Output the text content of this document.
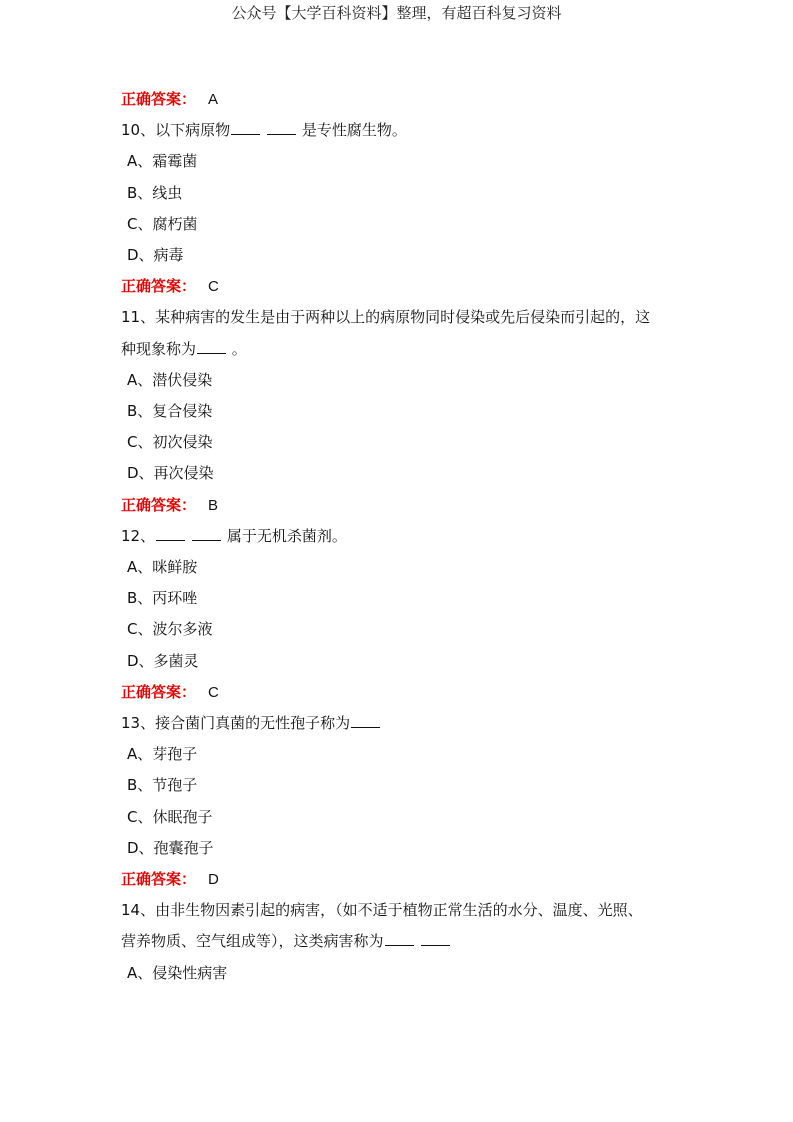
公众号【大学百科资料】整理，有超百科复习资料
正确答案： A
10、以下病原物	是专性腐生物。
A、霜霉菌
B、线虫
C、腐朽菌
D、病毒
正确答案： C
11、某种病害的发生是由于两种以上的病原物同时侵染或先后侵染而引起的，这
种现象称为 。
A、潜伏侵染
B、复合侵染
C、初次侵染
D、再次侵染
正确答案： B
12、	属于无机杀菌剂。
A、咪鲜胺
B、丙环唑
C、波尔多液
D、多菌灵
正确答案： C
13、接合菌门真菌的无性孢子称为
A、芽孢子
B、节孢子
C、休眠孢子
D、孢囊孢子
正确答案： D
14、由非生物因素引起的病害，（如不适于植物正常生活的水分、温度、光照、
营养物质、空气组成等），这类病害称为
A、侵染性病害
